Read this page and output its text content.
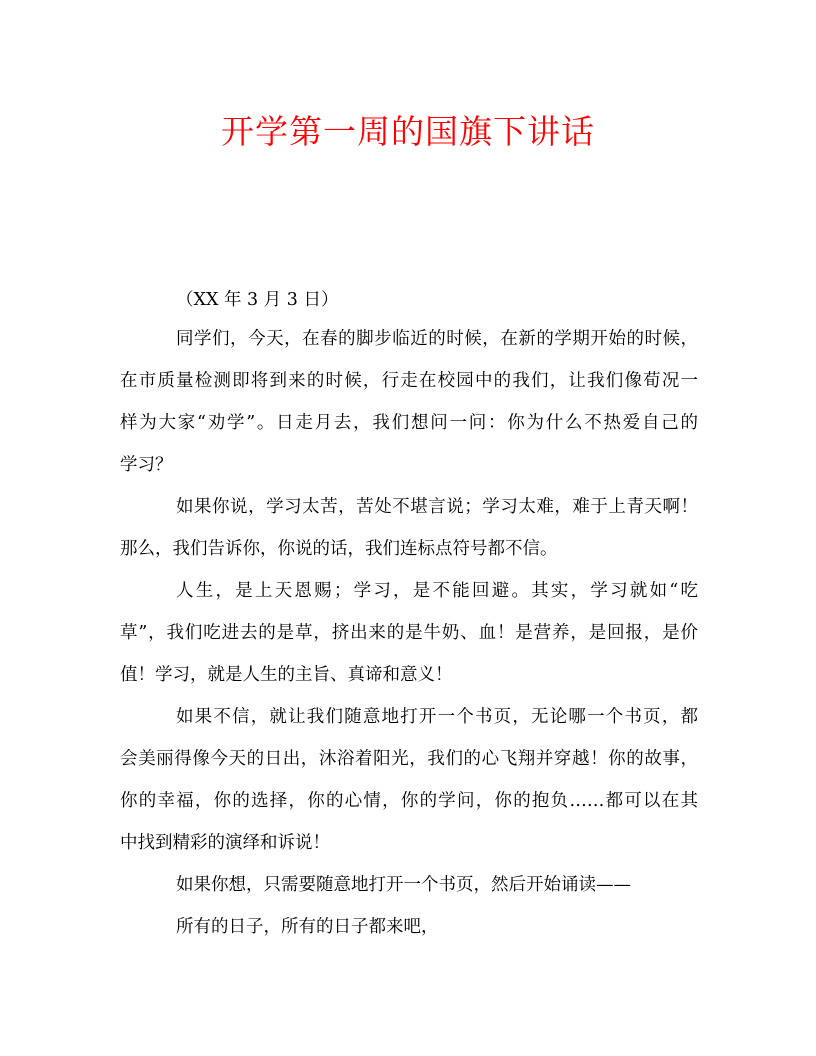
开学第一周的国旗下讲话
（XX 年 3 月 3 日）
同学们，今天，在春的脚步临近的时候，在新的学期开始的时候，
在市质量检测即将到来的时候，行走在校园中的我们，让我们像荀况一
样为大家“劝学”。日走月去，我们想问一问：你为什么不热爱自己的
学习？
如果你说，学习太苦，苦处不堪言说；学习太难，难于上青天啊！
那么，我们告诉你，你说的话，我们连标点符号都不信。
人生，是上天恩赐；学习，是不能回避。其实，学习就如“吃
草”，我们吃进去的是草，挤出来的是牛奶、血！是营养，是回报，是价
值！学习，就是人生的主旨、真谛和意义！
如果不信，就让我们随意地打开一个书页，无论哪一个书页，都
会美丽得像今天的日出，沐浴着阳光，我们的心飞翔并穿越！你的故事，
你的幸福，你的选择，你的心情，你的学问，你的抱负……都可以在其
中找到精彩的演绎和诉说！
如果你想，只需要随意地打开一个书页，然后开始诵读——
所有的日子，所有的日子都来吧，
